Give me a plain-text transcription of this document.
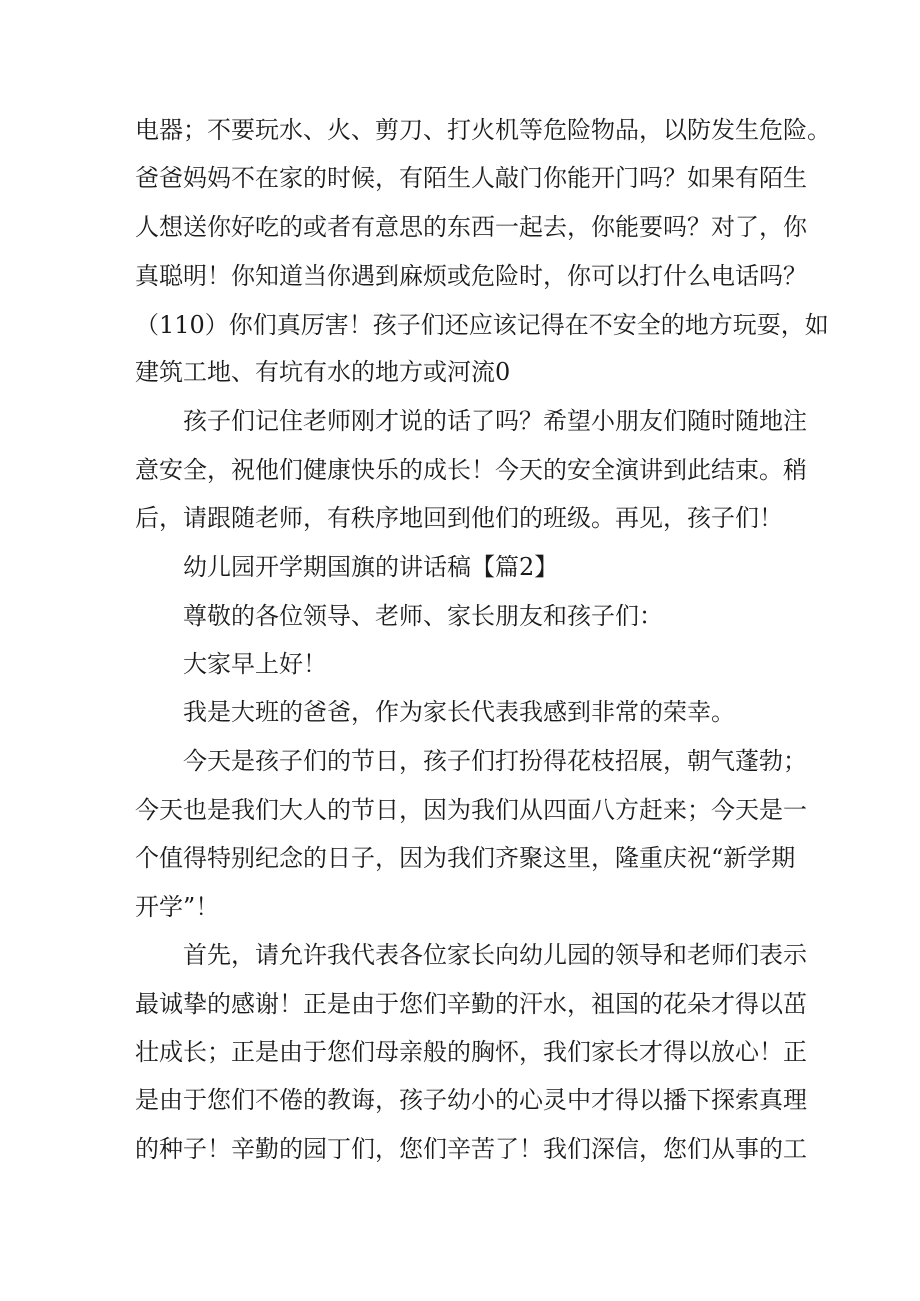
电器；不要玩水、火、剪刀、打火机等危险物品，以防发生危险。

爸爸妈妈不在家的时候，有陌生人敲门你能开门吗？如果有陌生

人想送你好吃的或者有意思的东西一起去，你能要吗？对了，你

真聪明！你知道当你遇到麻烦或危险时，你可以打什么电话吗？

（110）你们真厉害！孩子们还应该记得在不安全的地方玩耍，如

建筑工地、有坑有水的地方或河流0

孩子们记住老师刚才说的话了吗？希望小朋友们随时随地注

意安全，祝他们健康快乐的成长！今天的安全演讲到此结束。稍

后，请跟随老师，有秩序地回到他们的班级。再见，孩子们！

幼儿园开学期国旗的讲话稿【篇2】

尊敬的各位领导、老师、家长朋友和孩子们：

大家早上好！

我是大班的爸爸，作为家长代表我感到非常的荣幸。

今天是孩子们的节日，孩子们打扮得花枝招展，朝气蓬勃；

今天也是我们大人的节日，因为我们从四面八方赶来；今天是一

个值得特别纪念的日子，因为我们齐聚这里，隆重庆祝“新学期

开学”！

首先，请允许我代表各位家长向幼儿园的领导和老师们表示

最诚挚的感谢！正是由于您们辛勤的汗水，祖国的花朵才得以茁

壮成长；正是由于您们母亲般的胸怀，我们家长才得以放心！正

是由于您们不倦的教诲，孩子幼小的心灵中才得以播下探索真理

的种子！辛勤的园丁们，您们辛苦了！我们深信，您们从事的工
